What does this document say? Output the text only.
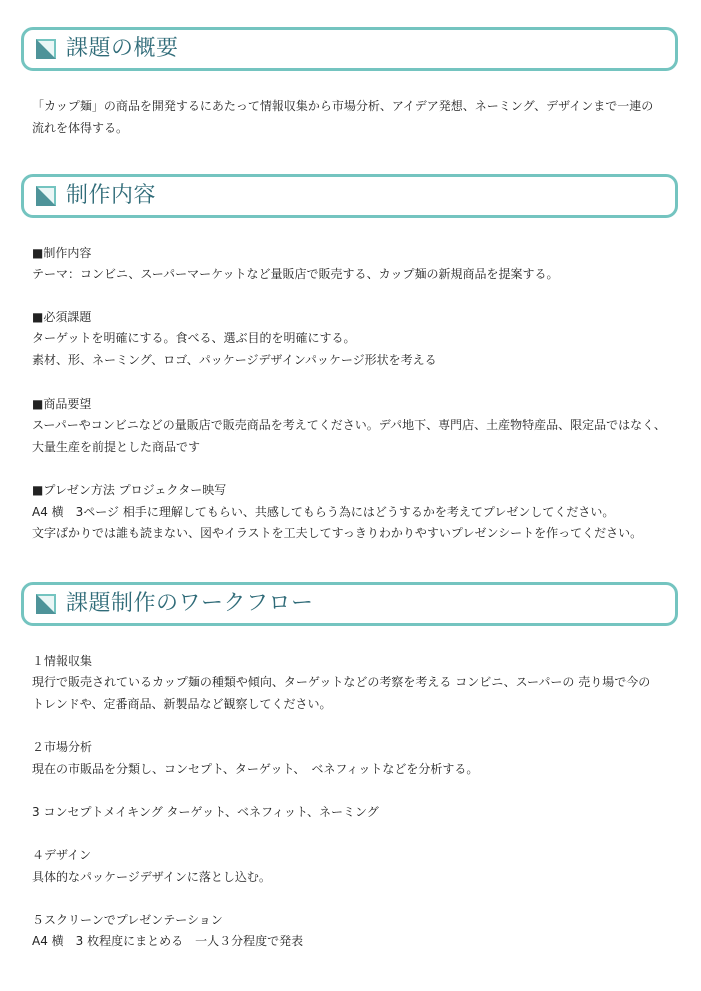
課題の概要
「カップ麺」の商品を開発するにあたって情報収集から市場分析、アイデア発想、ネーミング、デザインまで一連の
流れを体得する。
制作内容
■制作内容
テーマ：コンビニ、スーパーマーケットなど量販店で販売する、カップ麺の新規商品を提案する。
■必須課題
ターゲットを明確にする。食べる、選ぶ目的を明確にする。
素材、形、ネーミング、ロゴ、パッケージデザインパッケージ形状を考える
■商品要望
スーパーやコンビニなどの量販店で販売商品を考えてください。デパ地下、専門店、土産物特産品、限定品ではなく、
大量生産を前提とした商品です
■プレゼン方法 プロジェクター映写
A4 横　3ページ 相手に理解してもらい、共感してもらう為にはどうするかを考えてプレゼンしてください。
文字ばかりでは誰も読まない、図やイラストを工夫してすっきりわかりやすいプレゼンシートを作ってください。
課題制作のワークフロー
１情報収集
現行で販売されているカップ麺の種類や傾向、ターゲットなどの考察を考える コンビニ、スーパーの 売り場で今の
トレンドや、定番商品、新製品など観察してください。
２市場分析
現在の市販品を分類し、コンセプト、ターゲット、　ベネフィットなどを分析する。
3 コンセプトメイキング ターゲット、ベネフィット、ネーミング
４デザイン
具体的なパッケージデザインに落とし込む。
５スクリーンでプレゼンテーション
A4 横　3 枚程度にまとめる　一人３分程度で発表
